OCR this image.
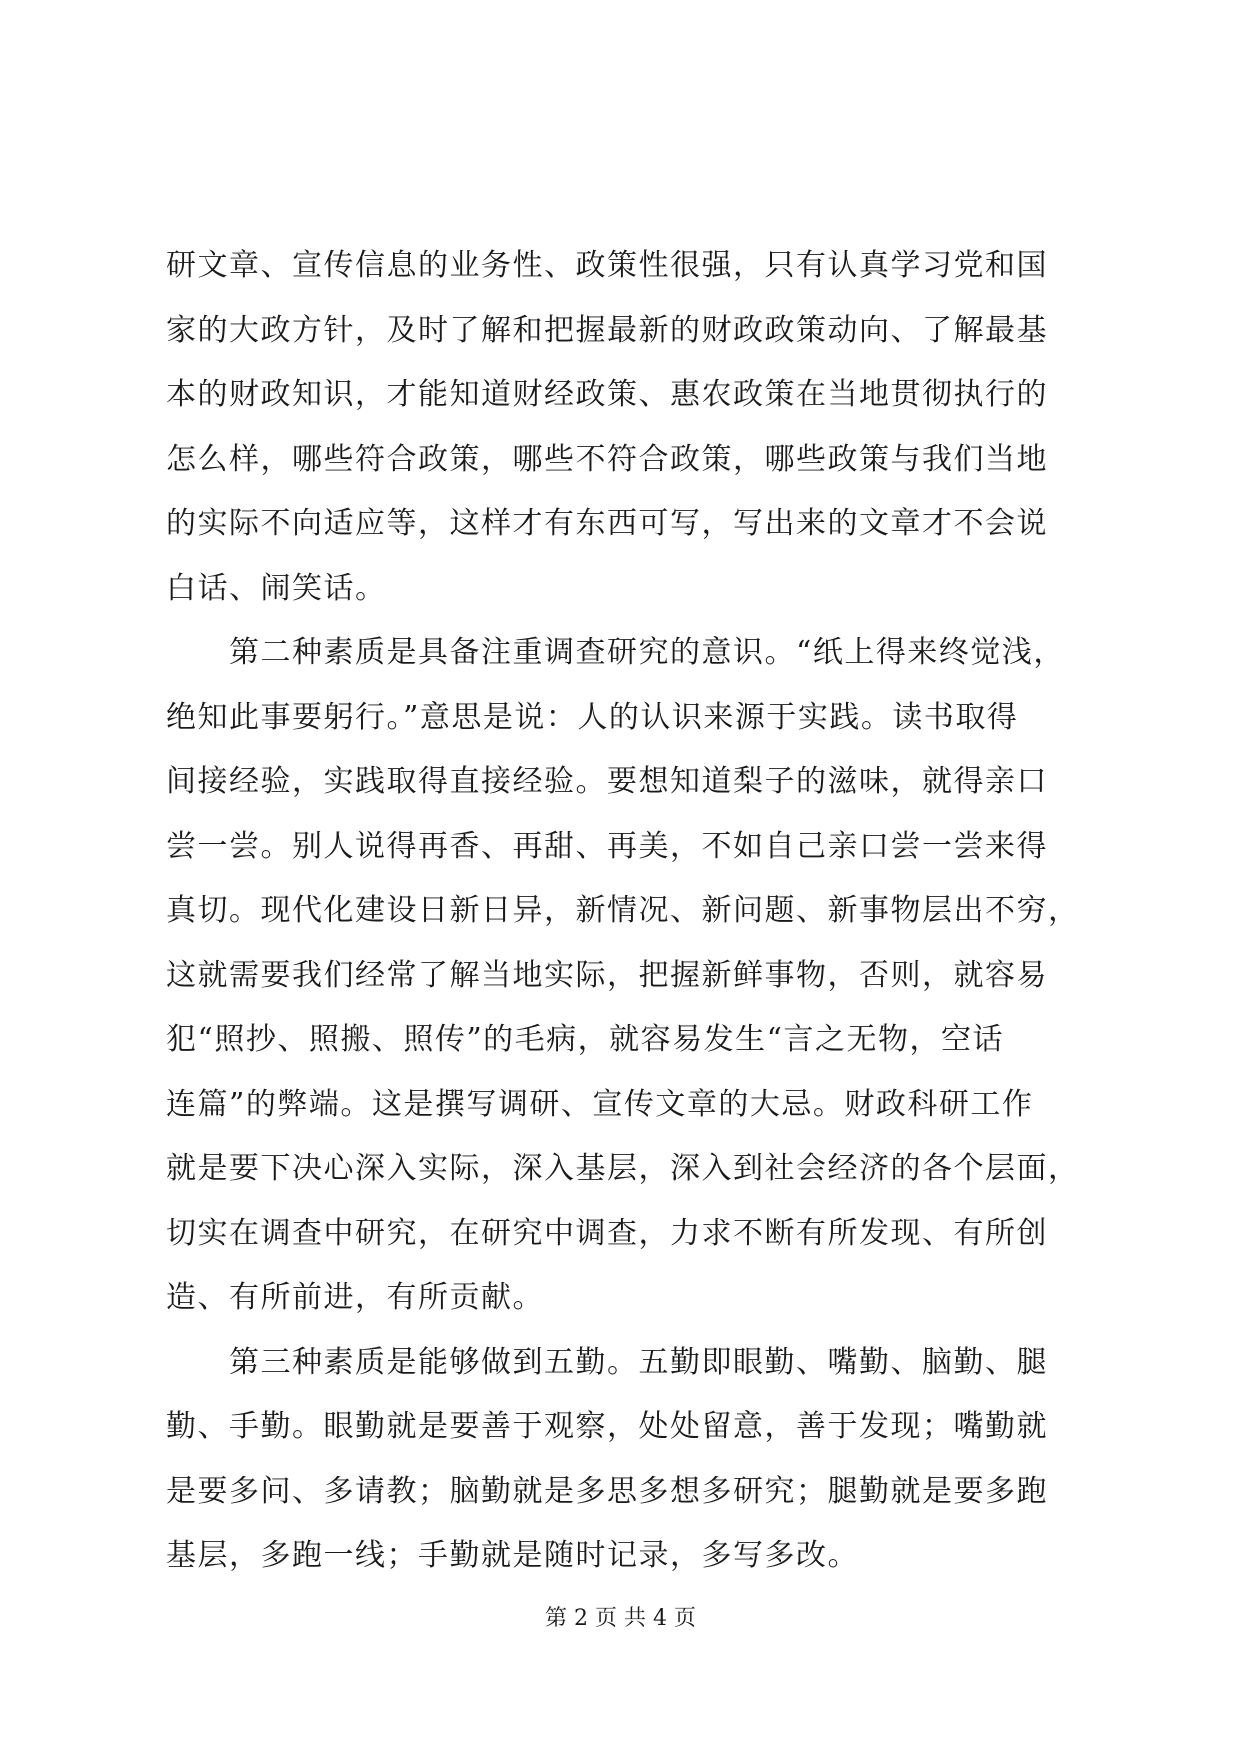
研文章、宣传信息的业务性、政策性很强，只有认真学习党和国
家的大政方针，及时了解和把握最新的财政政策动向、了解最基
本的财政知识，才能知道财经政策、惠农政策在当地贯彻执行的
怎么样，哪些符合政策，哪些不符合政策，哪些政策与我们当地
的实际不向适应等，这样才有东西可写，写出来的文章才不会说
白话、闹笑话。
　　第二种素质是具备注重调查研究的意识。“纸上得来终觉浅，
绝知此事要躬行。”意思是说：人的认识来源于实践。读书取得
间接经验，实践取得直接经验。要想知道梨子的滋味，就得亲口
尝一尝。别人说得再香、再甜、再美，不如自己亲口尝一尝来得
真切。现代化建设日新日异，新情况、新问题、新事物层出不穷，
这就需要我们经常了解当地实际，把握新鲜事物，否则，就容易
犯“照抄、照搬、照传”的毛病，就容易发生“言之无物，空话
连篇”的弊端。这是撰写调研、宣传文章的大忌。财政科研工作
就是要下决心深入实际，深入基层，深入到社会经济的各个层面，
切实在调查中研究，在研究中调查，力求不断有所发现、有所创
造、有所前进，有所贡献。
　　第三种素质是能够做到五勤。五勤即眼勤、嘴勤、脑勤、腿
勤、手勤。眼勤就是要善于观察，处处留意，善于发现；嘴勤就
是要多问、多请教；脑勤就是多思多想多研究；腿勤就是要多跑
基层，多跑一线；手勤就是随时记录，多写多改。
第 2 页 共 4 页
